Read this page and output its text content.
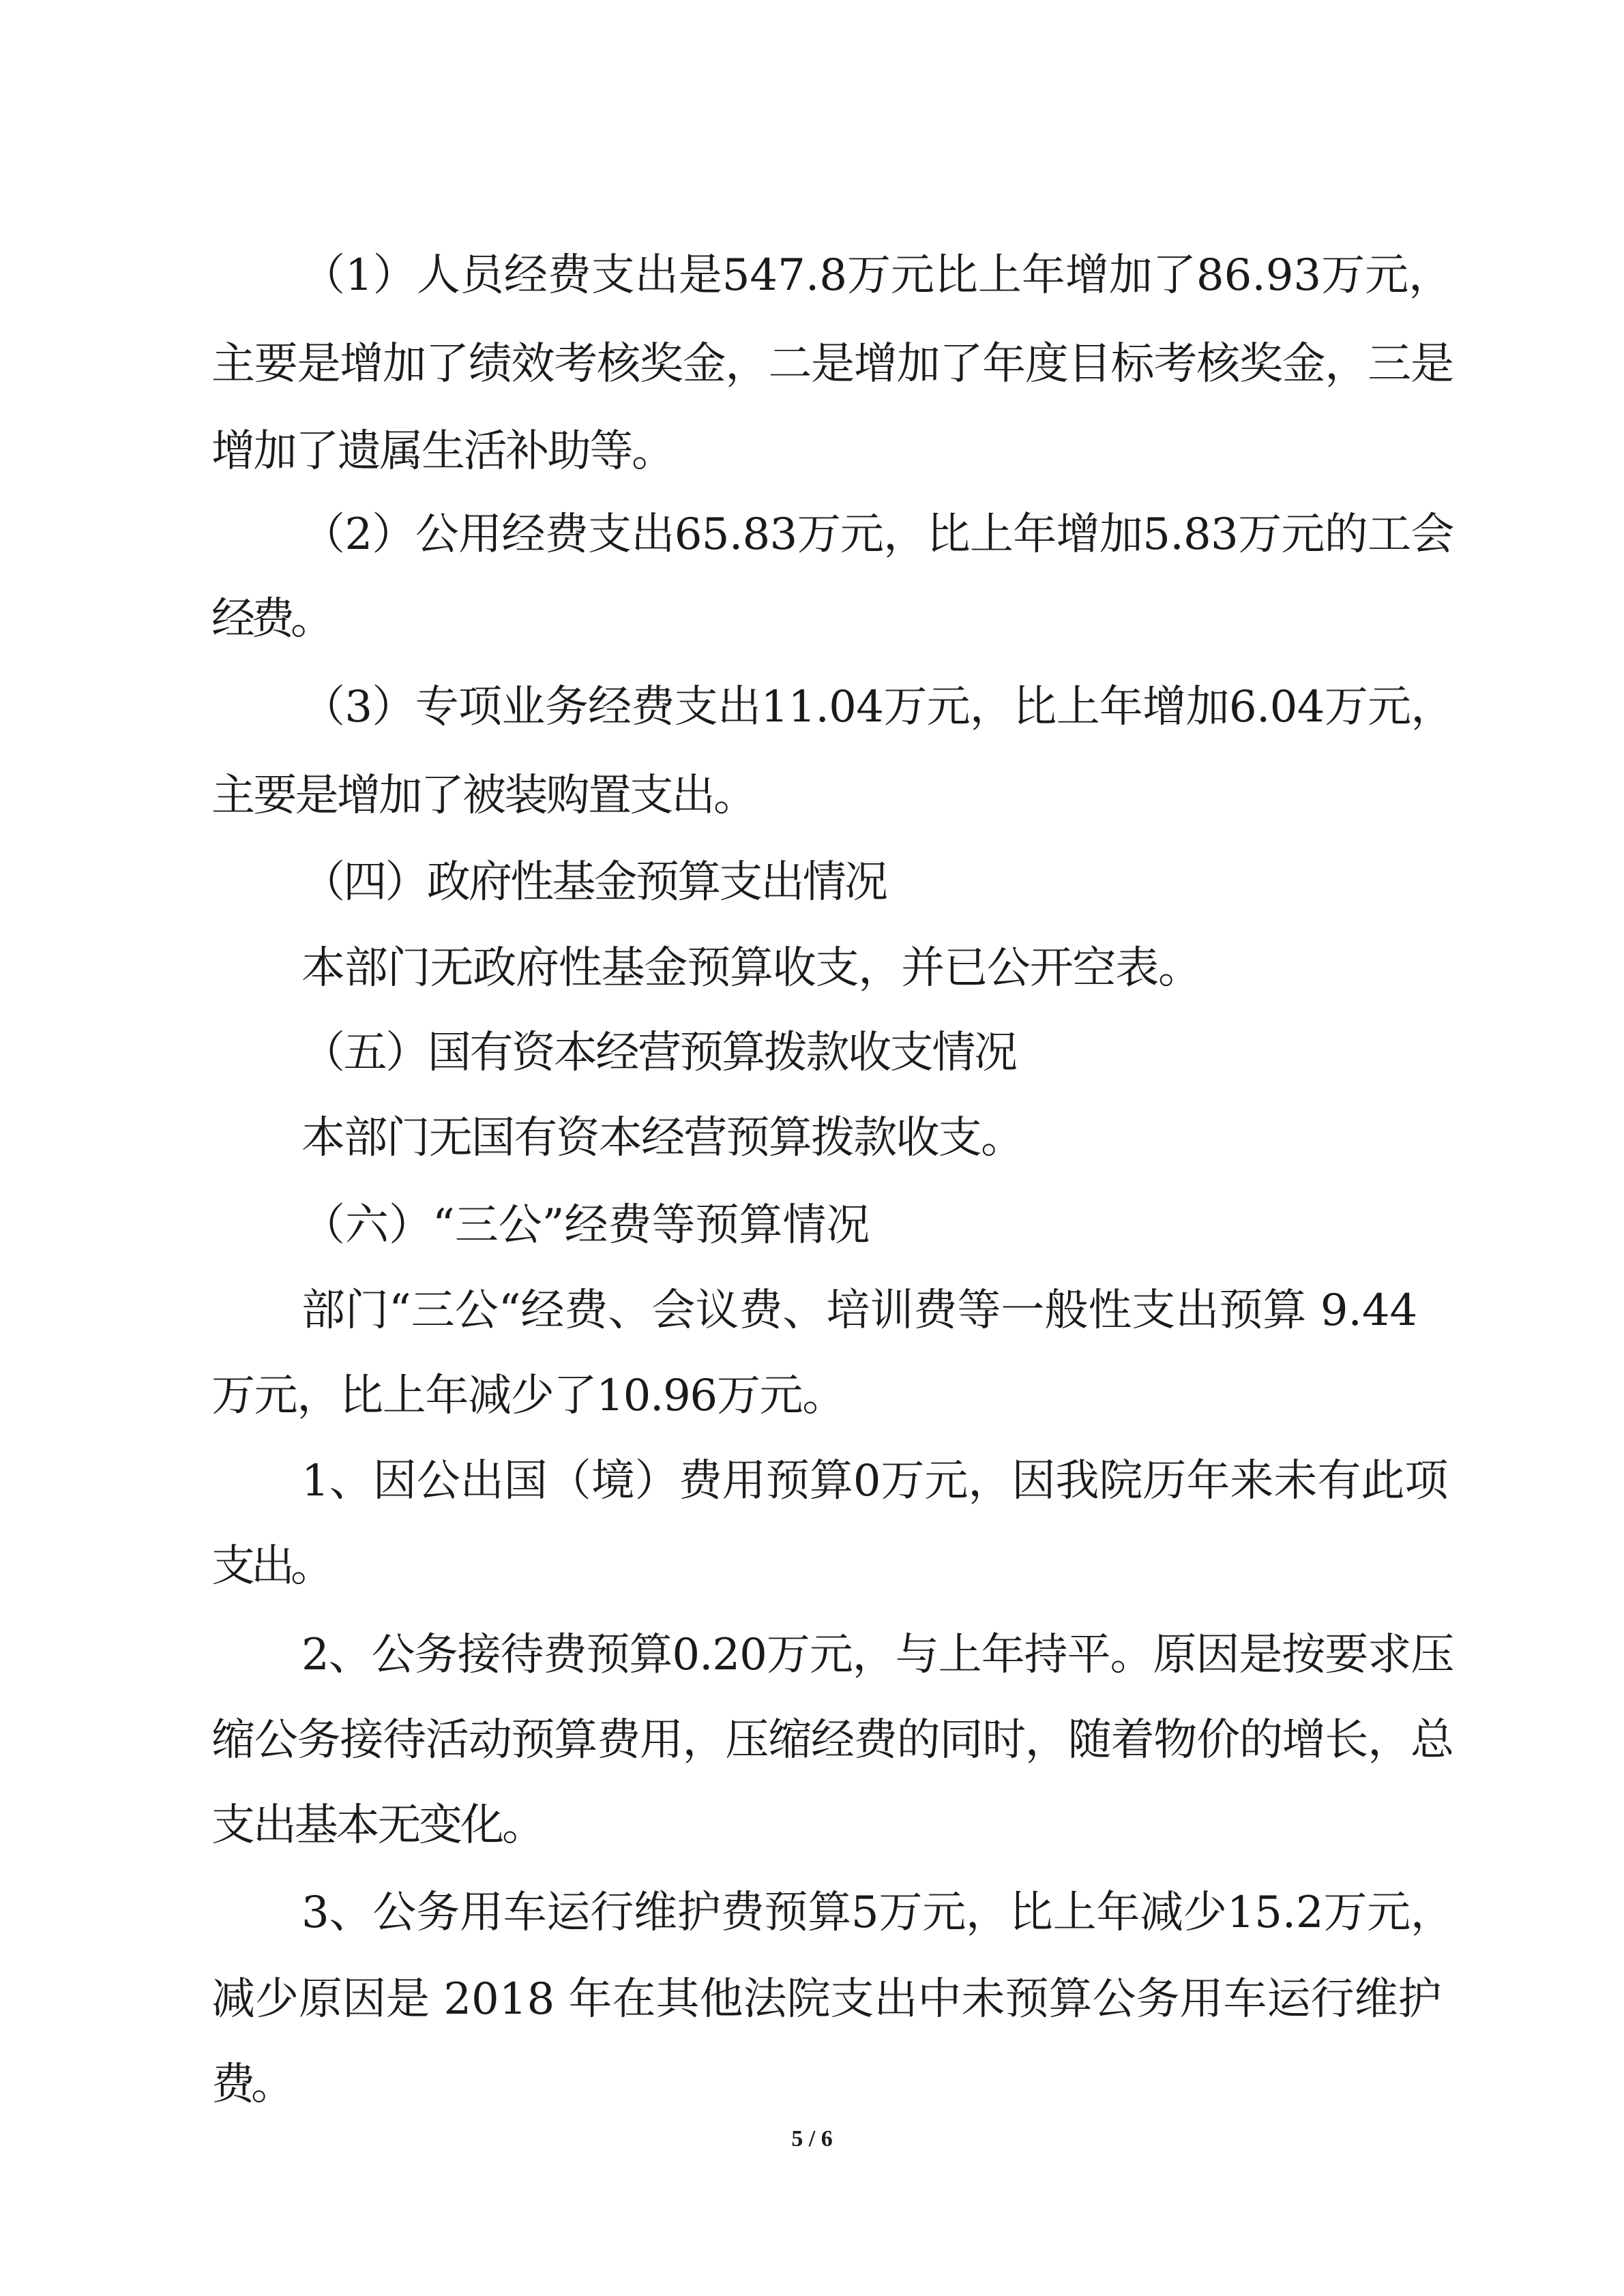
（1）人员经费支出是547.8万元比上年增加了86.93万元，

主要是增加了绩效考核奖金，二是增加了年度目标考核奖金，三是

增加了遗属生活补助等。

（2）公用经费支出65.83万元，比上年增加5.83万元的工会

经费。

（3）专项业务经费支出11.04万元，比上年增加6.04万元，

主要是增加了被装购置支出。

（四）政府性基金预算支出情况

本部门无政府性基金预算收支，并已公开空表。

（五）国有资本经营预算拨款收支情况

本部门无国有资本经营预算拨款收支。

（六）“三公”经费等预算情况

部门“三公“经费、会议费、培训费等一般性支出预算 9.44

万元，比上年减少了10.96万元。

1、因公出国（境）费用预算0万元，因我院历年来未有此项

支出。

2、公务接待费预算0.20万元，与上年持平。原因是按要求压

缩公务接待活动预算费用，压缩经费的同时，随着物价的增长，总

支出基本无变化。

3、公务用车运行维护费预算5万元，比上年减少15.2万元，

减少原因是 2018 年在其他法院支出中未预算公务用车运行维护

费。

5 / 6
